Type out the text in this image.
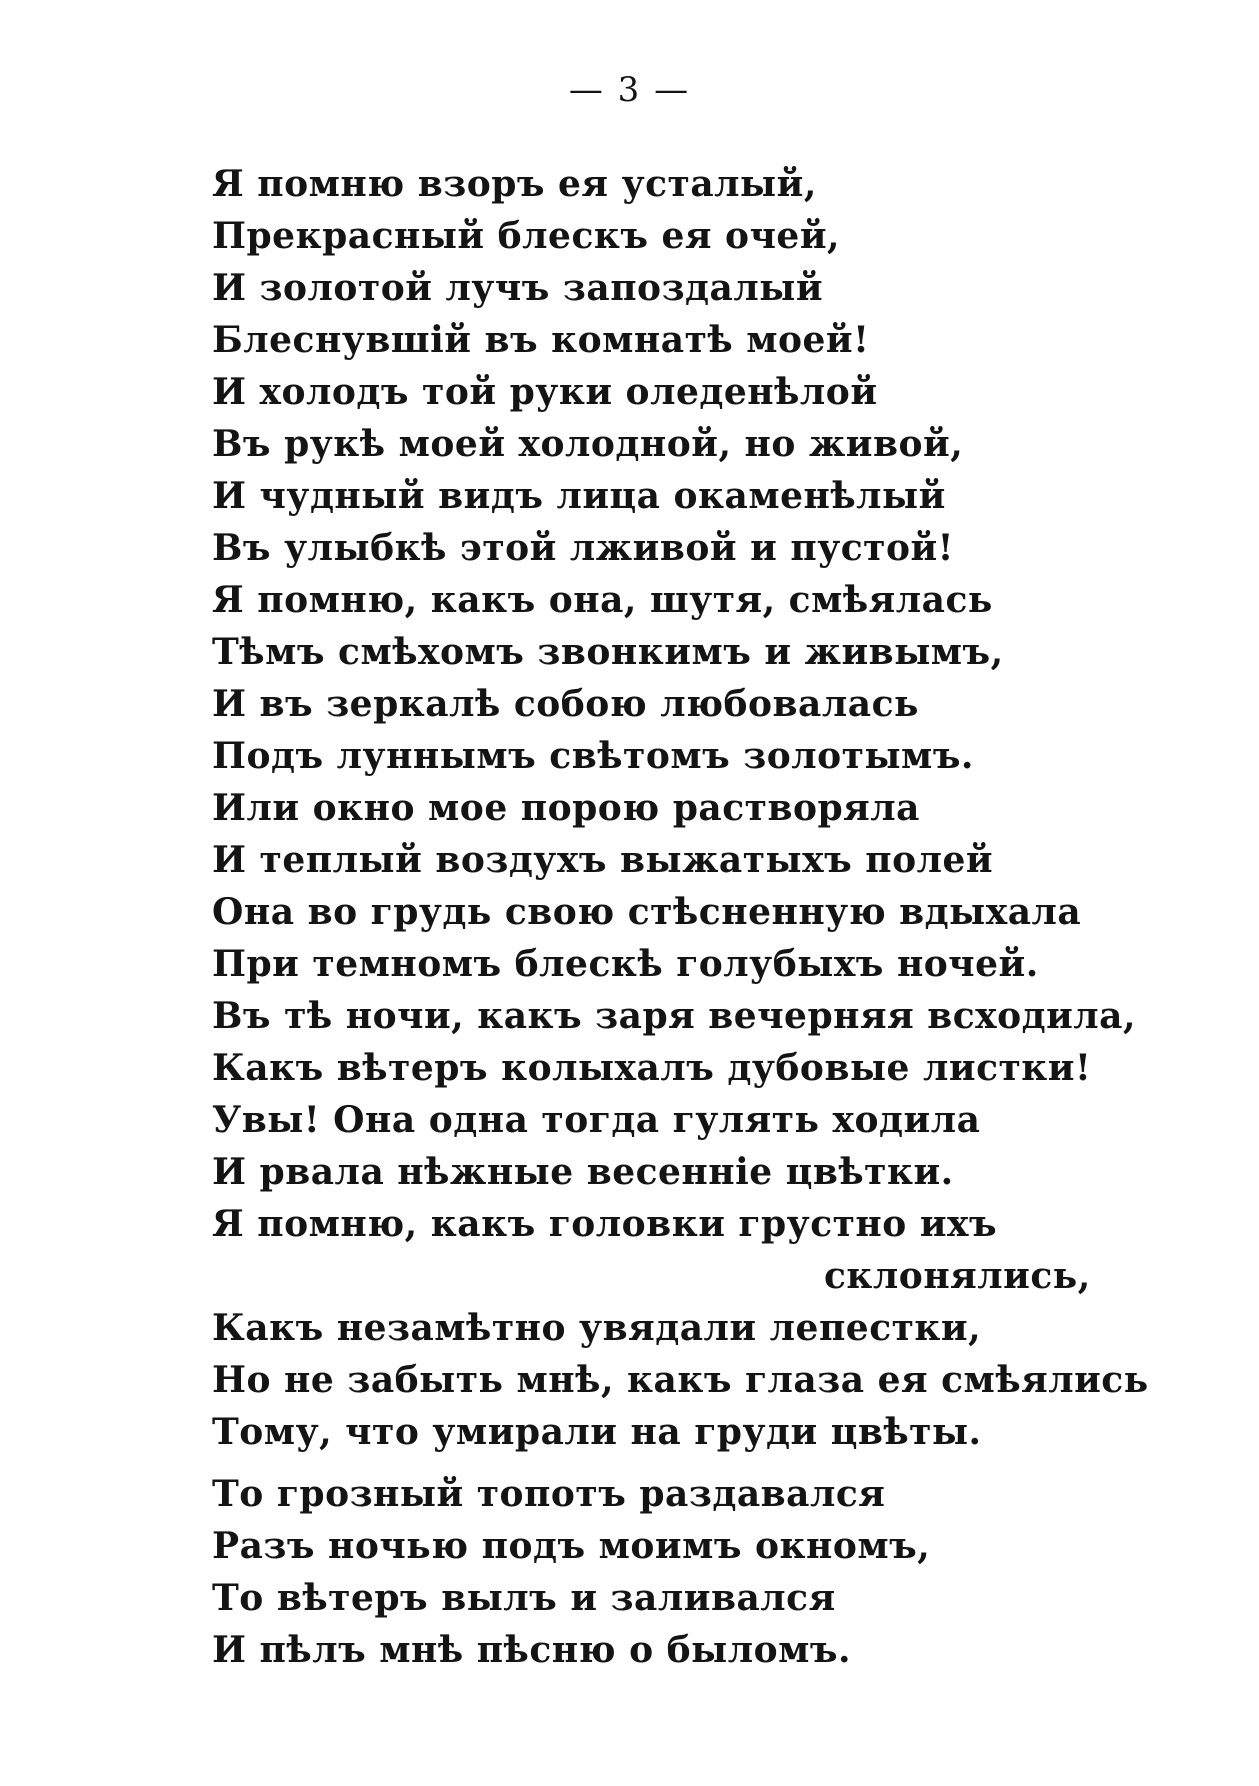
— 3 —
Я помню взоръ ея усталый,
Прекрасный блескъ ея очей,
И золотой лучъ запоздалый
Блеснувшій въ комнатѣ моей!
И холодъ той руки оледенѣлой
Въ рукѣ моей холодной, но живой,
И чудный видъ лица окаменѣлый
Въ улыбкѣ этой лживой и пустой!
Я помню, какъ она, шутя, смѣялась
Тѣмъ смѣхомъ звонкимъ и живымъ,
И въ зеркалѣ собою любовалась
Подъ луннымъ свѣтомъ золотымъ.
Или окно мое порою растворяла
И теплый воздухъ выжатыхъ полей
Она во грудь свою стѣсненную вдыхала
При темномъ блескѣ голубыхъ ночей.
Въ тѣ ночи, какъ заря вечерняя всходила,
Какъ вѣтеръ колыхалъ дубовые листки!
Увы! Она одна тогда гулять ходила
И рвала нѣжные весенніе цвѣтки.
Я помню, какъ головки грустно ихъ
склонялись,
Какъ незамѣтно увядали лепестки,
Но не забыть мнѣ, какъ глаза ея смѣялись
Тому, что умирали на груди цвѣты.
То грозный топотъ раздавался
Разъ ночью подъ моимъ окномъ,
То вѣтеръ вылъ и заливался
И пѣлъ мнѣ пѣсню о быломъ.
